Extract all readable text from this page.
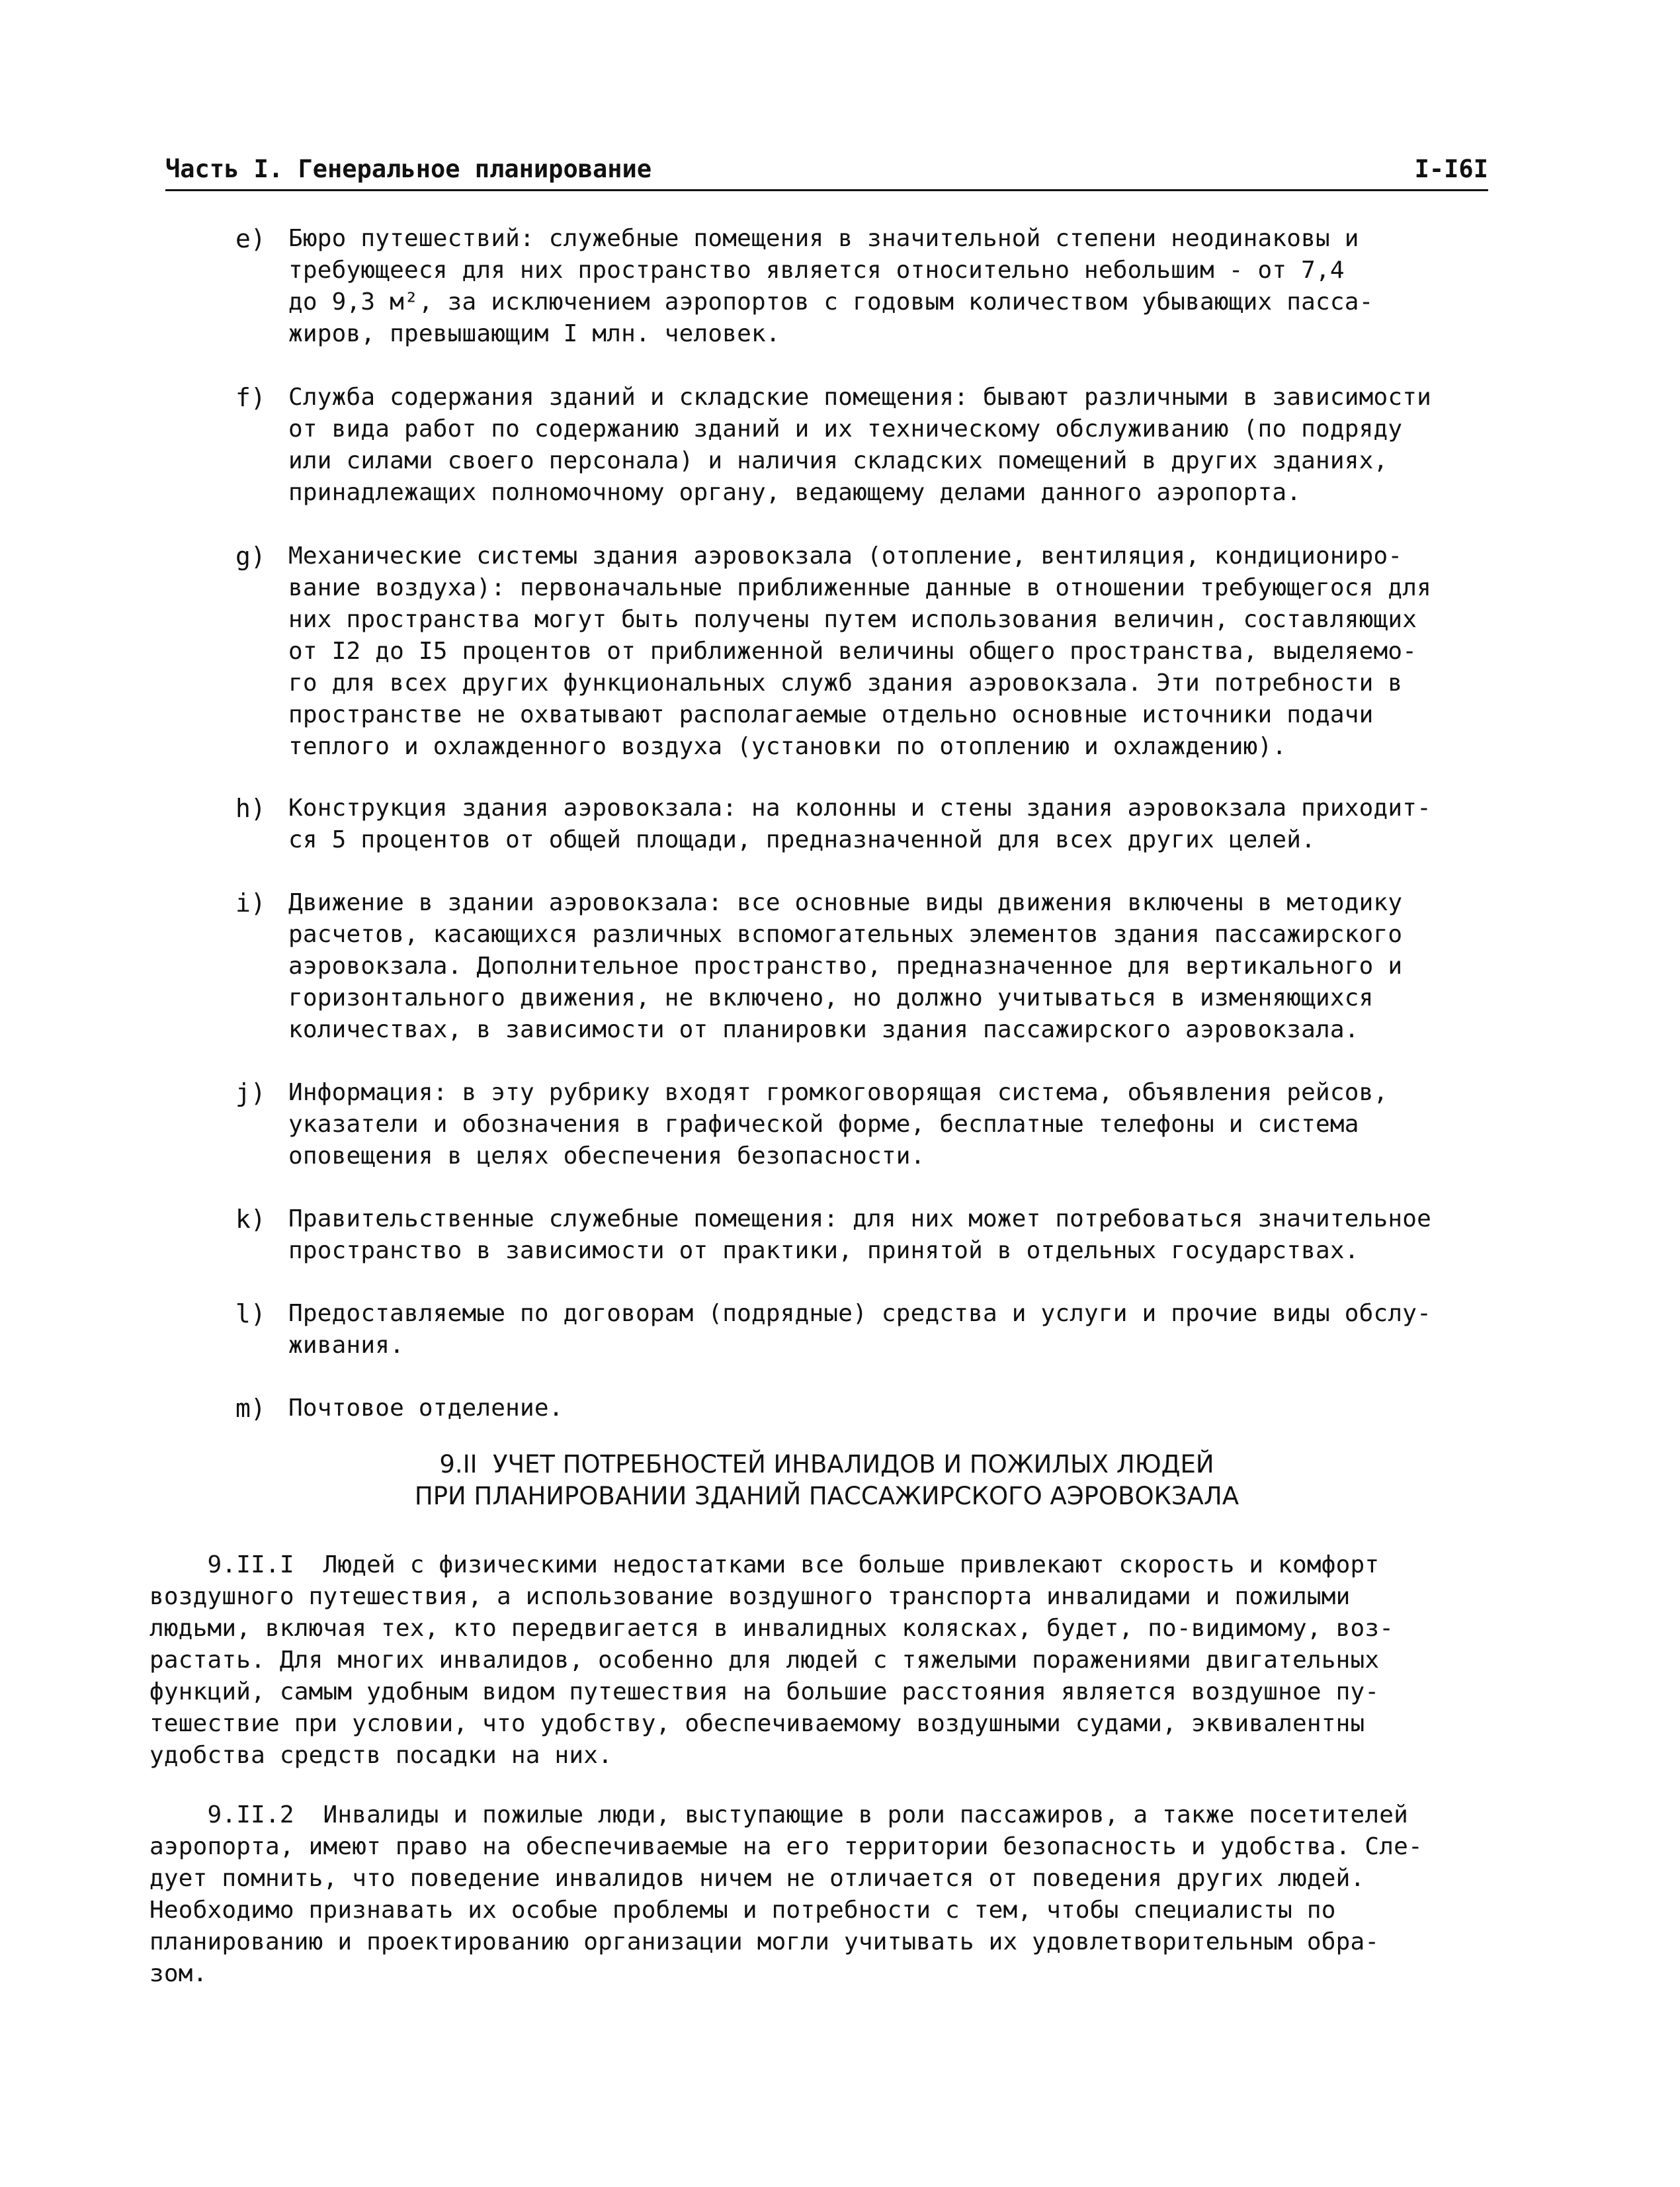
Часть I. Генеральное планирование	I-I6I
e) Бюро путешествий: служебные помещения в значительной степени неодинаковы и
требующееся для них пространство является относительно небольшим - от 7,4
до 9,3 м², за исключением аэропортов с годовым количеством убывающих пасса-
жиров, превышающим I млн. человек.
f) Служба содержания зданий и складские помещения: бывают различными в зависимости
от вида работ по содержанию зданий и их техническому обслуживанию (по подряду
или силами своего персонала) и наличия складских помещений в других зданиях,
принадлежащих полномочному органу, ведающему делами данного аэропорта.
g) Механические системы здания аэровокзала (отопление, вентиляция, кондициониро-
вание воздуха): первоначальные приближенные данные в отношении требующегося для
них пространства могут быть получены путем использования величин, составляющих
от I2 до I5 процентов от приближенной величины общего пространства, выделяемо-
го для всех других функциональных служб здания аэровокзала. Эти потребности в
пространстве не охватывают располагаемые отдельно основные источники подачи
теплого и охлажденного воздуха (установки по отоплению и охлаждению).
h) Конструкция здания аэровокзала: на колонны и стены здания аэровокзала приходит-
ся 5 процентов от общей площади, предназначенной для всех других целей.
i) Движение в здании аэровокзала: все основные виды движения включены в методику
расчетов, касающихся различных вспомогательных элементов здания пассажирского
аэровокзала. Дополнительное пространство, предназначенное для вертикального и
горизонтального движения, не включено, но должно учитываться в изменяющихся
количествах, в зависимости от планировки здания пассажирского аэровокзала.
j) Информация: в эту рубрику входят громкоговорящая система, объявления рейсов,
указатели и обозначения в графической форме, бесплатные телефоны и система
оповещения в целях обеспечения безопасности.
k) Правительственные служебные помещения: для них может потребоваться значительное
пространство в зависимости от практики, принятой в отдельных государствах.
l) Предоставляемые по договорам (подрядные) средства и услуги и прочие виды обслу-
живания.
m) Почтовое отделение.
9.II  УЧЕТ ПОТРЕБНОСТЕЙ ИНВАЛИДОВ И ПОЖИЛЫХ ЛЮДЕЙ
ПРИ ПЛАНИРОВАНИИ ЗДАНИЙ ПАССАЖИРСКОГО АЭРОВОКЗАЛА
9.II.I  Людей с физическими недостатками все больше привлекают скорость и комфорт
воздушного путешествия, а использование воздушного транспорта инвалидами и пожилыми
людьми, включая тех, кто передвигается в инвалидных колясках, будет, по-видимому, воз-
растать. Для многих инвалидов, особенно для людей с тяжелыми поражениями двигательных
функций, самым удобным видом путешествия на большие расстояния является воздушное пу-
тешествие при условии, что удобству, обеспечиваемому воздушными судами, эквивалентны
удобства средств посадки на них.
9.II.2  Инвалиды и пожилые люди, выступающие в роли пассажиров, а также посетителей
аэропорта, имеют право на обеспечиваемые на его территории безопасность и удобства. Сле-
дует помнить, что поведение инвалидов ничем не отличается от поведения других людей.
Необходимо признавать их особые проблемы и потребности с тем, чтобы специалисты по
планированию и проектированию организации могли учитывать их удовлетворительным обра-
зом.
